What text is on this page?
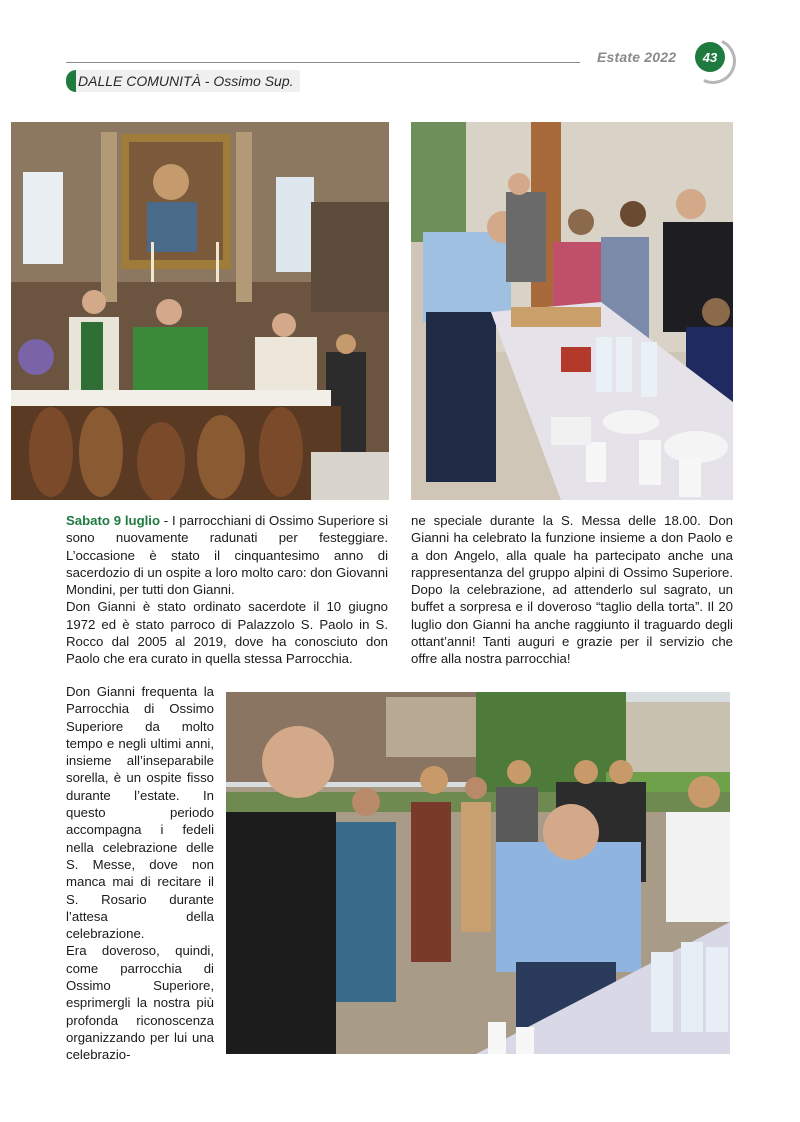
Estate 2022	43
DALLE COMUNITÀ - Ossimo Sup.

Sabato 9 luglio - I parrocchiani di Ossimo Superiore si sono nuovamente radunati per festeggiare. L’occasione è stato il cinquantesimo anno di sacerdozio di un ospite a loro molto caro: don Giovanni Mondini, per tutti don Gianni.

Don Gianni è stato ordinato sacerdote il 10 giugno 1972 ed è stato parroco di Palazzolo S. Paolo in S. Rocco dal 2005 al 2019, dove ha conosciuto don Paolo che era curato in quella stessa Parrocchia.

Don Gianni frequenta la Parrocchia di Ossimo Superiore da molto tempo e negli ultimi anni, insieme all’inseparabile sorella, è un ospite fisso durante l’estate. In questo periodo accompagna i fedeli nella celebrazione delle S. Messe, dove non manca mai di recitare il S. Rosario durante l’attesa della celebrazione.

Era doveroso, quindi, come parrocchia di Ossimo Superiore, esprimergli la nostra più profonda riconoscenza organizzando per lui una celebrazio-

ne speciale durante la S. Messa delle 18.00. Don Gianni ha celebrato la funzione insieme a don Paolo e a don Angelo, alla quale ha partecipato anche una rappresentanza del gruppo alpini di Ossimo Superiore. Dopo la celebrazione, ad attenderlo sul sagrato, un buffet a sorpresa e il doveroso “taglio della torta”. Il 20 luglio don Gianni ha anche raggiunto il traguardo degli ottant’anni! Tanti auguri e grazie per il servizio che offre alla nostra parrocchia!
